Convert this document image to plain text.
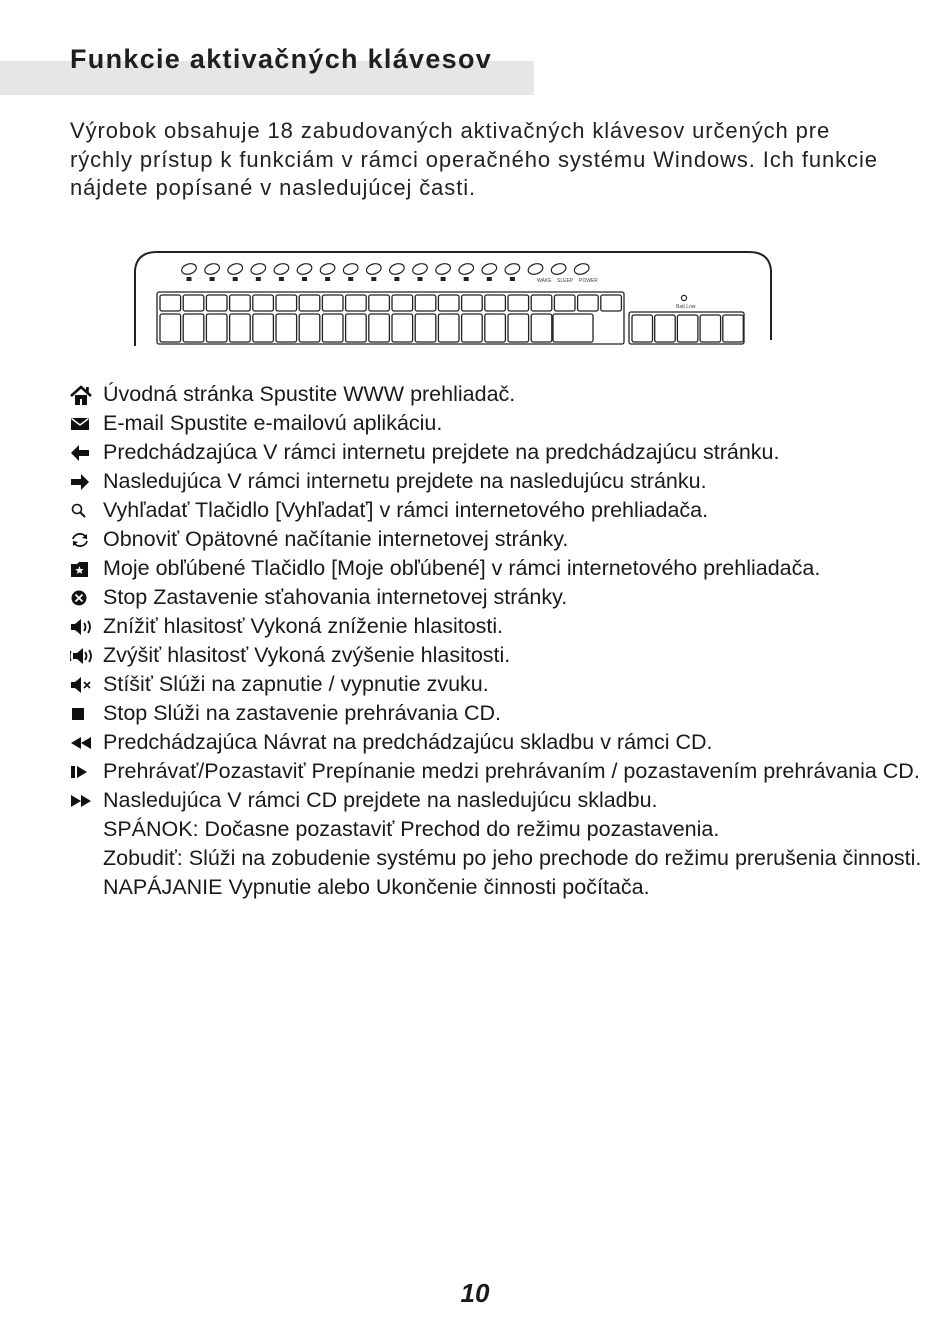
Funkcie aktivačných klávesov

Výrobok obsahuje 18 zabudovaných aktivačných klávesov určených pre rýchly prístup k funkciám v rámci operačného systému Windows. Ich funkcie nájdete popísané v nasledujúcej časti.

WAKE SLEEP POWER
Batt Low
Úvodná stránka Spustite WWW prehliadač.
E-mail Spustite e-mailovú aplikáciu.
Predchádzajúca V rámci internetu prejdete na predchádzajúcu stránku.
Nasledujúca V rámci internetu prejdete na nasledujúcu stránku.
Vyhľadať Tlačidlo [Vyhľadať] v rámci internetového prehliadača.
Obnoviť Opätovné načítanie internetovej stránky.
Moje obľúbené Tlačidlo [Moje obľúbené] v rámci internetového prehliadača.
Stop Zastavenie sťahovania internetovej stránky.
Znížiť hlasitosť Vykoná zníženie hlasitosti.
Zvýšiť hlasitosť Vykoná zvýšenie hlasitosti.
Stíšiť Slúži na zapnutie / vypnutie zvuku.
Stop Slúži na zastavenie prehrávania CD.
Predchádzajúca Návrat na predchádzajúcu skladbu v rámci CD.
Prehrávať/Pozastaviť Prepínanie medzi prehrávaním / pozastavením prehrávania CD.
Nasledujúca V rámci CD prejdete na nasledujúcu skladbu.
SPÁNOK: Dočasne pozastaviť Prechod do režimu pozastavenia.
Zobudiť: Slúži na zobudenie systému po jeho prechode do režimu prerušenia činnosti.
NAPÁJANIE Vypnutie alebo Ukončenie činnosti počítača.
10
